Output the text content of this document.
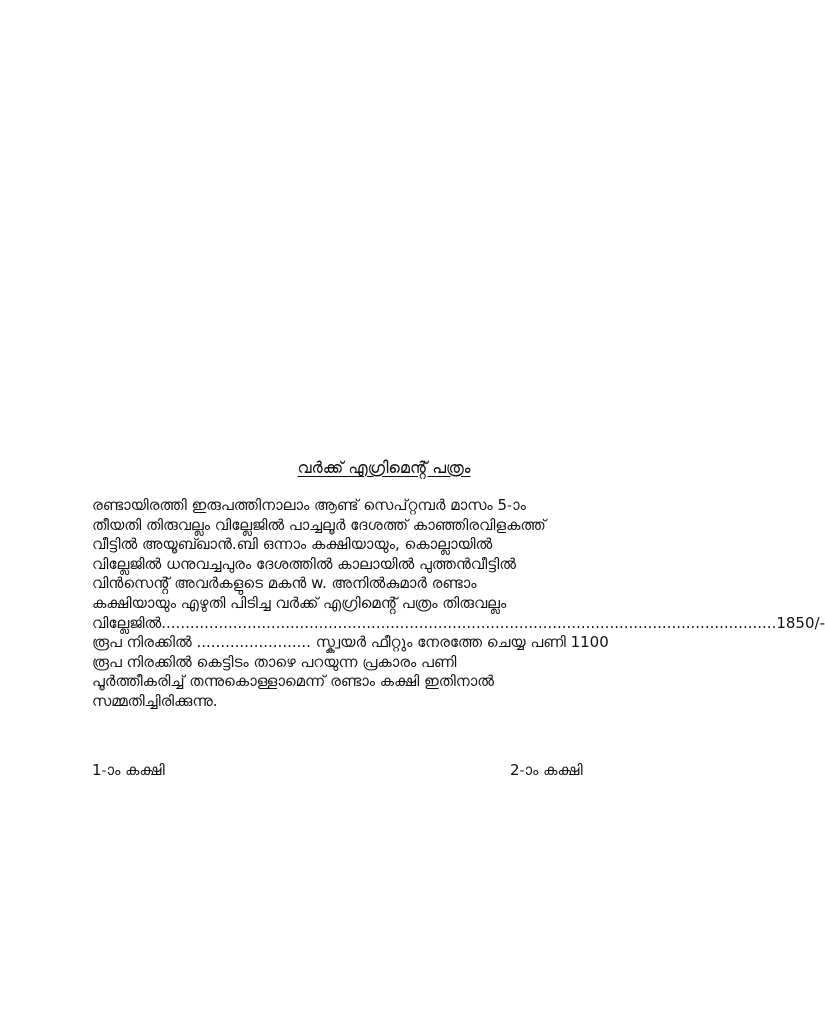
വർക്ക് എഗ്രിമെൻ്റ് പത്രം
രണ്ടായിരത്തി ഇരുപത്തിനാലാം ആണ്ട് സെപ്റ്റമ്പർ മാസം 5-ാം
തീയതി തിരുവല്ലം വില്ലേജിൽ പാച്ചലൂർ ദേശത്ത് കാഞ്ഞിരവിളകത്ത്
വീട്ടിൽ അയൂബ്ഖാൻ.ബി ഒന്നാം കക്ഷിയായും, കൊല്ലായിൽ
വില്ലേജിൽ ധനുവച്ചപുരം ദേശത്തിൽ കാലായിൽ പുത്തൻവീട്ടിൽ
വിൻസെൻ്റ് അവർകളുടെ മകൻ w. അനിൽകുമാർ രണ്ടാം
കക്ഷിയായും എഴുതി പിടിച്ച വർക്ക് എഗ്രിമെൻ്റ് പത്രം തിരുവല്ലം
വില്ലേജിൽ.................................................................................................................................1850/-
രൂപ നിരക്കിൽ ........................ സ്ക്വയർ ഫീറ്റും നേരത്തേ ചെയ്യ പണി 1100
രൂപ നിരക്കിൽ കെട്ടിടം താഴെ പറയുന്ന പ്രകാരം പണി
പൂർത്തീകരിച്ച് തന്നുകൊള്ളാമെന്ന് രണ്ടാം കക്ഷി ഇതിനാൽ
സമ്മതിച്ചിരിക്കുന്നു.
1-ാം കക്ഷി	2-ാം കക്ഷി
